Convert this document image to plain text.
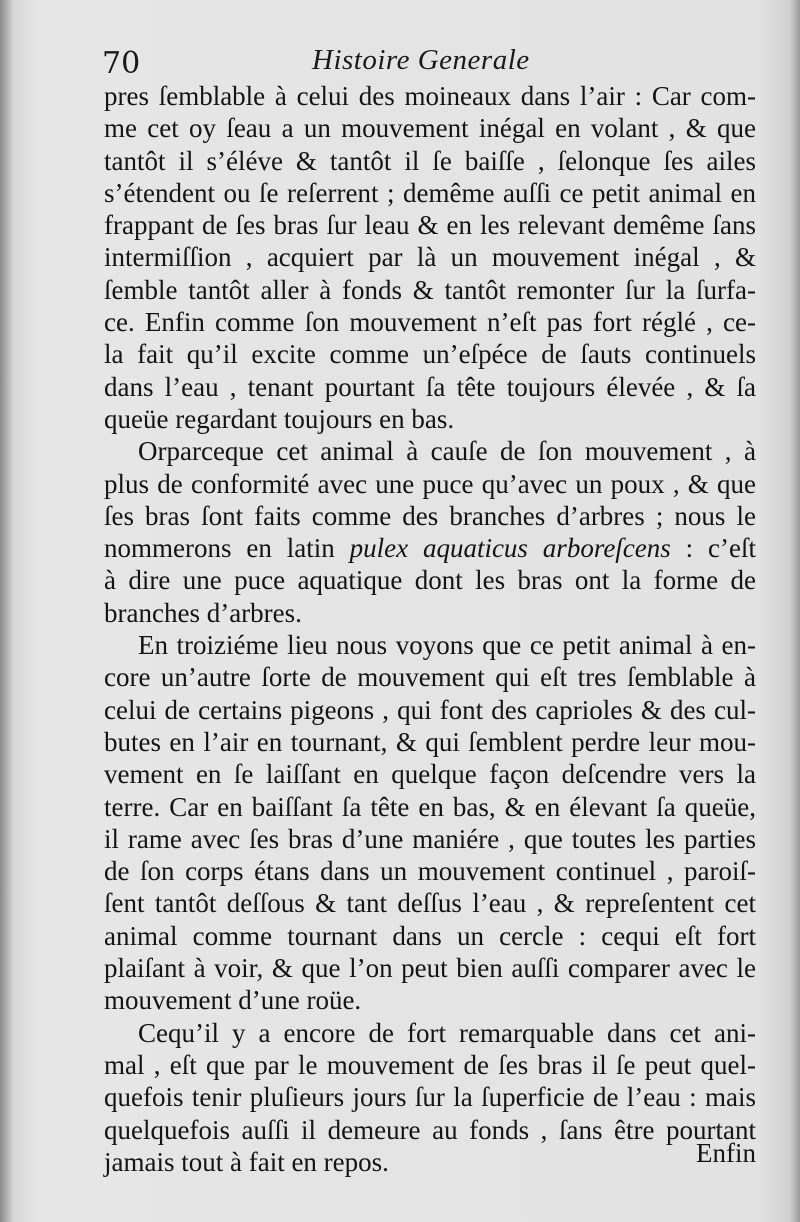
70	Histoire Generale
pres ſemblable à celui des moineaux dans l’air : Car com-
me cet oy ſeau a un mouvement inégal en volant , & que
tantôt il s’éléve & tantôt il ſe baiſſe , ſelonque ſes ailes
s’étendent ou ſe reſerrent ; demême auſſi ce petit animal en
frappant de ſes bras ſur leau & en les relevant demême ſans
intermiſſion , acquiert par là un mouvement inégal , &
ſemble tantôt aller à fonds & tantôt remonter ſur la ſurfa-
ce. Enfin comme ſon mouvement n’eſt pas fort réglé , ce-
la fait qu’il excite comme un’eſpéce de ſauts continuels
dans l’eau , tenant pourtant ſa tête toujours élevée , & ſa
queüe regardant toujours en bas.
Orparceque cet animal à cauſe de ſon mouvement , à
plus de conformité avec une puce qu’avec un poux , & que
ſes bras ſont faits comme des branches d’arbres ; nous le
nommerons en latin pulex aquaticus arboreſcens : c’eſt
à dire une puce aquatique dont les bras ont la forme de
branches d’arbres.
En troiziéme lieu nous voyons que ce petit animal à en-
core un’autre ſorte de mouvement qui eſt tres ſemblable à
celui de certains pigeons , qui font des caprioles & des cul-
butes en l’air en tournant, & qui ſemblent perdre leur mou-
vement en ſe laiſſant en quelque façon deſcendre vers la
terre. Car en baiſſant ſa tête en bas, & en élevant ſa queüe,
il rame avec ſes bras d’une maniére , que toutes les parties
de ſon corps étans dans un mouvement continuel , paroiſ-
ſent tantôt deſſous & tant deſſus l’eau , & repreſentent cet
animal comme tournant dans un cercle : cequi eſt fort
plaiſant à voir, & que l’on peut bien auſſi comparer avec le
mouvement d’une roüe.
Cequ’il y a encore de fort remarquable dans cet ani-
mal , eſt que par le mouvement de ſes bras il ſe peut quel-
quefois tenir pluſieurs jours ſur la ſuperficie de l’eau : mais
quelquefois auſſi il demeure au fonds , ſans être pourtant
jamais tout à fait en repos.	Enfin
